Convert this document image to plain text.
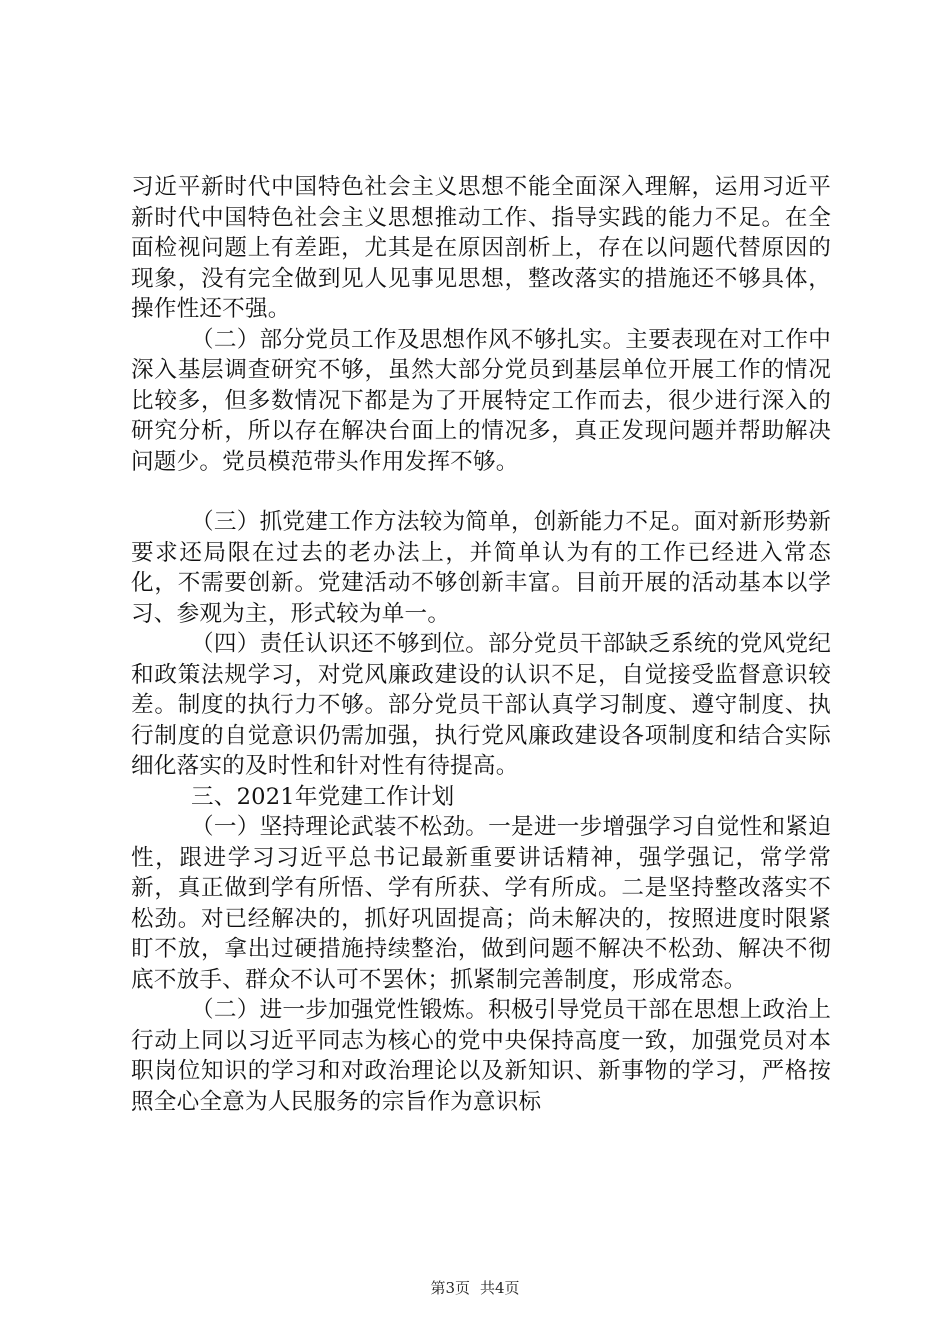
习近平新时代中国特色社会主义思想不能全面深入理解，运用习近平新时代中国特色社会主义思想推动工作、指导实践的能力不足。在全面检视问题上有差距，尤其是在原因剖析上，存在以问题代替原因的现象，没有完全做到见人见事见思想，整改落实的措施还不够具体，操作性还不强。

（二）部分党员工作及思想作风不够扎实。主要表现在对工作中深入基层调查研究不够，虽然大部分党员到基层单位开展工作的情况比较多，但多数情况下都是为了开展特定工作而去，很少进行深入的研究分析，所以存在解决台面上的情况多，真正发现问题并帮助解决问题少。党员模范带头作用发挥不够。

（三）抓党建工作方法较为简单，创新能力不足。面对新形势新要求还局限在过去的老办法上，并简单认为有的工作已经进入常态化，不需要创新。党建活动不够创新丰富。目前开展的活动基本以学习、参观为主，形式较为单一。

（四）责任认识还不够到位。部分党员干部缺乏系统的党风党纪和政策法规学习，对党风廉政建设的认识不足，自觉接受监督意识较差。制度的执行力不够。部分党员干部认真学习制度、遵守制度、执行制度的自觉意识仍需加强，执行党风廉政建设各项制度和结合实际细化落实的及时性和针对性有待提高。

三、2021年党建工作计划

（一）坚持理论武装不松劲。一是进一步增强学习自觉性和紧迫性，跟进学习习近平总书记最新重要讲话精神，强学强记，常学常新，真正做到学有所悟、学有所获、学有所成。二是坚持整改落实不松劲。对已经解决的，抓好巩固提高；尚未解决的，按照进度时限紧盯不放，拿出过硬措施持续整治，做到问题不解决不松劲、解决不彻底不放手、群众不认可不罢休；抓紧制完善制度，形成常态。

（二）进一步加强党性锻炼。积极引导党员干部在思想上政治上行动上同以习近平同志为核心的党中央保持高度一致，加强党员对本职岗位知识的学习和对政治理论以及新知识、新事物的学习，严格按照全心全意为人民服务的宗旨作为意识标

第3页 共4页
